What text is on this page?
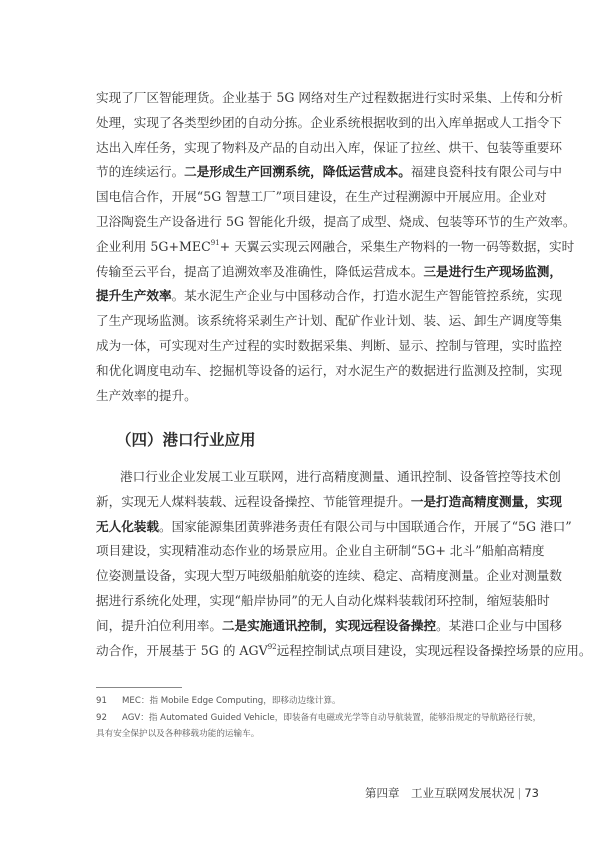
实现了厂区智能理货。企业基于 5G 网络对生产过程数据进行实时采集、上传和分析
处理，实现了各类型纱团的自动分拣。企业系统根据收到的出入库单据或人工指令下
达出入库任务，实现了物料及产品的自动出入库，保证了拉丝、烘干、包装等重要环
节的连续运行。二是形成生产回溯系统，降低运营成本。福建良瓷科技有限公司与中
国电信合作，开展“5G 智慧工厂”项目建设，在生产过程溯源中开展应用。企业对
卫浴陶瓷生产设备进行 5G 智能化升级，提高了成型、烧成、包装等环节的生产效率。
企业利用 $5G+MEC^{91}+$ 天翼云实现云网融合，采集生产物料的一物一码等数据，实时
传输至云平台，提高了追溯效率及准确性，降低运营成本。三是进行生产现场监测，
提升生产效率。某水泥生产企业与中国移动合作，打造水泥生产智能管控系统，实现
了生产现场监测。该系统将采剥生产计划、配矿作业计划、装、运、卸生产调度等集
成为一体，可实现对生产过程的实时数据采集、判断、显示、控制与管理，实时监控
和优化调度电动车、挖掘机等设备的运行，对水泥生产的数据进行监测及控制，实现
生产效率的提升。
（四）港口行业应用
港口行业企业发展工业互联网，进行高精度测量、通讯控制、设备管控等技术创
新，实现无人煤料装载、远程设备操控、节能管理提升。一是打造高精度测量，实现
无人化装载。国家能源集团黄骅港务责任有限公司与中国联通合作，开展了“5G 港口”
项目建设，实现精准动态作业的场景应用。企业自主研制“5G+ 北斗”船舶高精度
位姿测量设备，实现大型万吨级船舶航姿的连续、稳定、高精度测量。企业对测量数
据进行系统化处理，实现“船岸协同”的无人自动化煤料装载闭环控制，缩短装船时
间，提升泊位利用率。二是实施通讯控制，实现远程设备操控。某港口企业与中国移
动合作，开展基于 5G 的 AGV$^{92}$远程控制试点项目建设，实现远程设备操控场景的应用。
91 MEC：指 Mobile Edge Computing，即移动边缘计算。
92 AGV：指 Automated Guided Vehicle，即装备有电磁或光学等自动导航装置，能够沿规定的导航路径行驶，
具有安全保护以及各种移载功能的运输车。
第四章　工业互联网发展状况 | 73
